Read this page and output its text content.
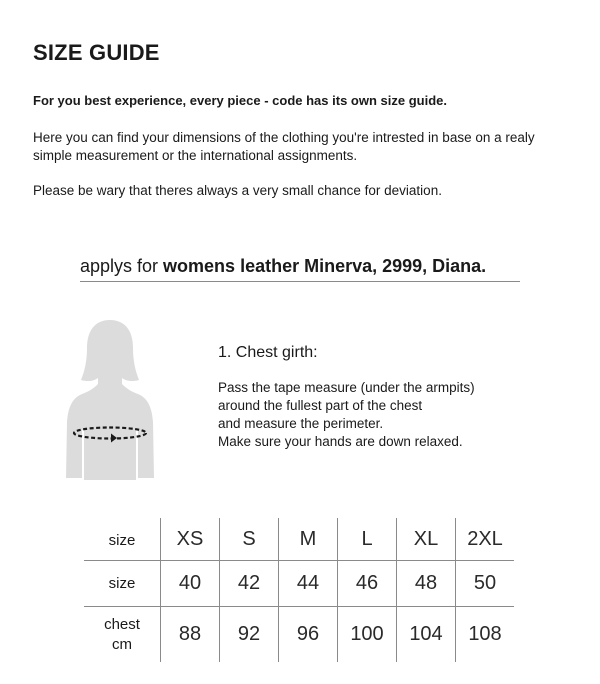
SIZE GUIDE
For you best experience, every piece - code has its own size guide.
Here you can find your dimensions of the clothing you're intrested in base on a realy simple measurement or the international assignments.
Please be wary that theres always a very small chance for deviation.
applys for womens leather Minerva, 2999, Diana.
1. Chest girth:
Pass the tape measure (under the armpits)
around the fullest part of the chest
and measure the perimeter.
Make sure your hands are down relaxed.
size	XS	S	M	L	XL	2XL
size	40	42	44	46	48	50

chest
cm	88	92	96	100	104	108
